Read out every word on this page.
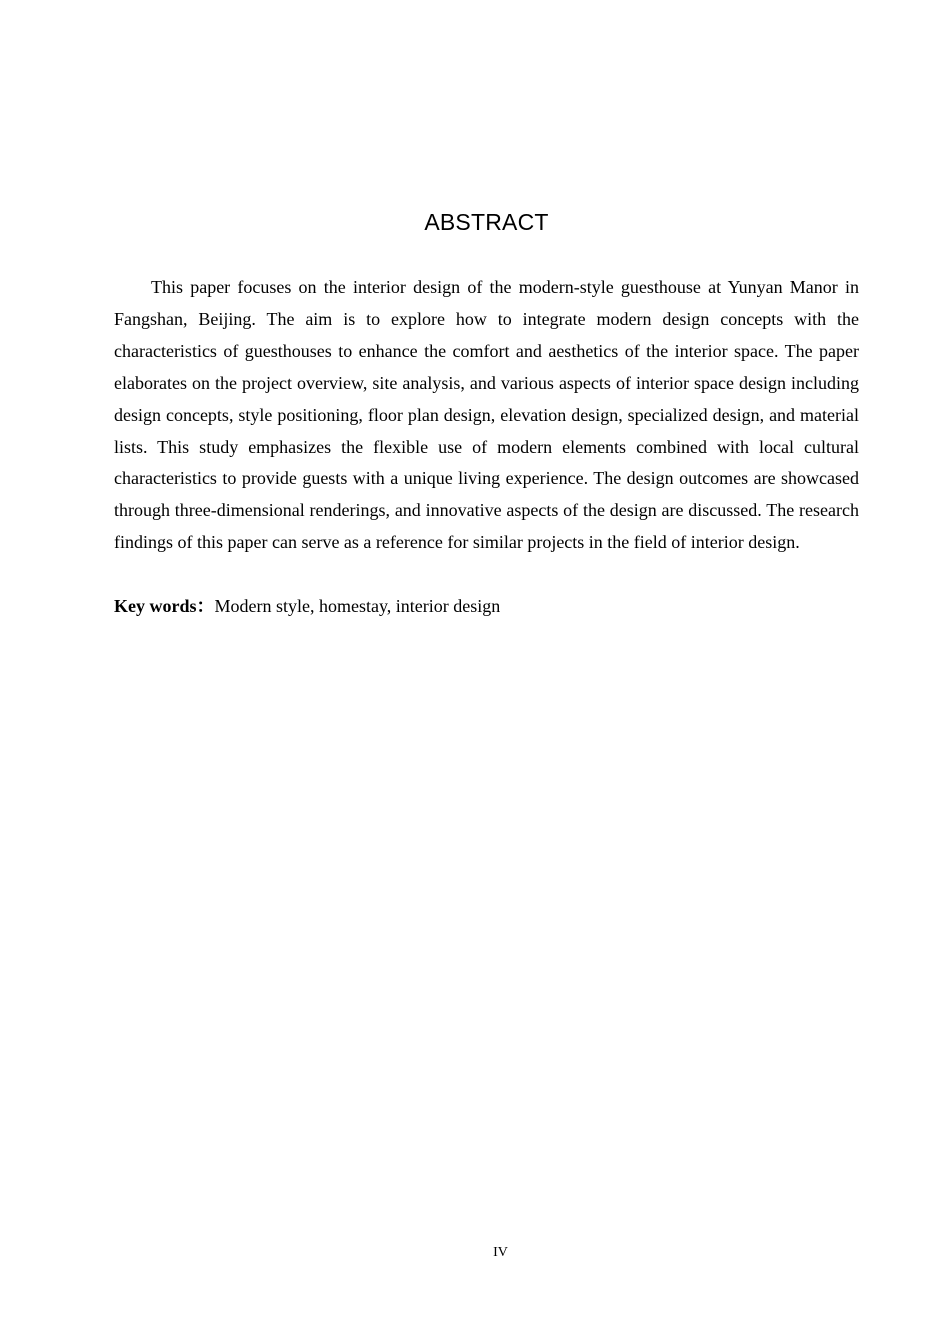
ABSTRACT

This paper focuses on the interior design of the modern-style guesthouse at Yunyan Manor in Fangshan, Beijing. The aim is to explore how to integrate modern design concepts with the characteristics of guesthouses to enhance the comfort and aesthetics of the interior space. The paper elaborates on the project overview, site analysis, and various aspects of interior space design including design concepts, style positioning, floor plan design, elevation design, specialized design, and material lists. This study emphasizes the flexible use of modern elements combined with local cultural characteristics to provide guests with a unique living experience. The design outcomes are showcased through three-dimensional renderings, and innovative aspects of the design are discussed. The research findings of this paper can serve as a reference for similar projects in the field of interior design.

Key words：Modern style, homestay, interior design

IV
